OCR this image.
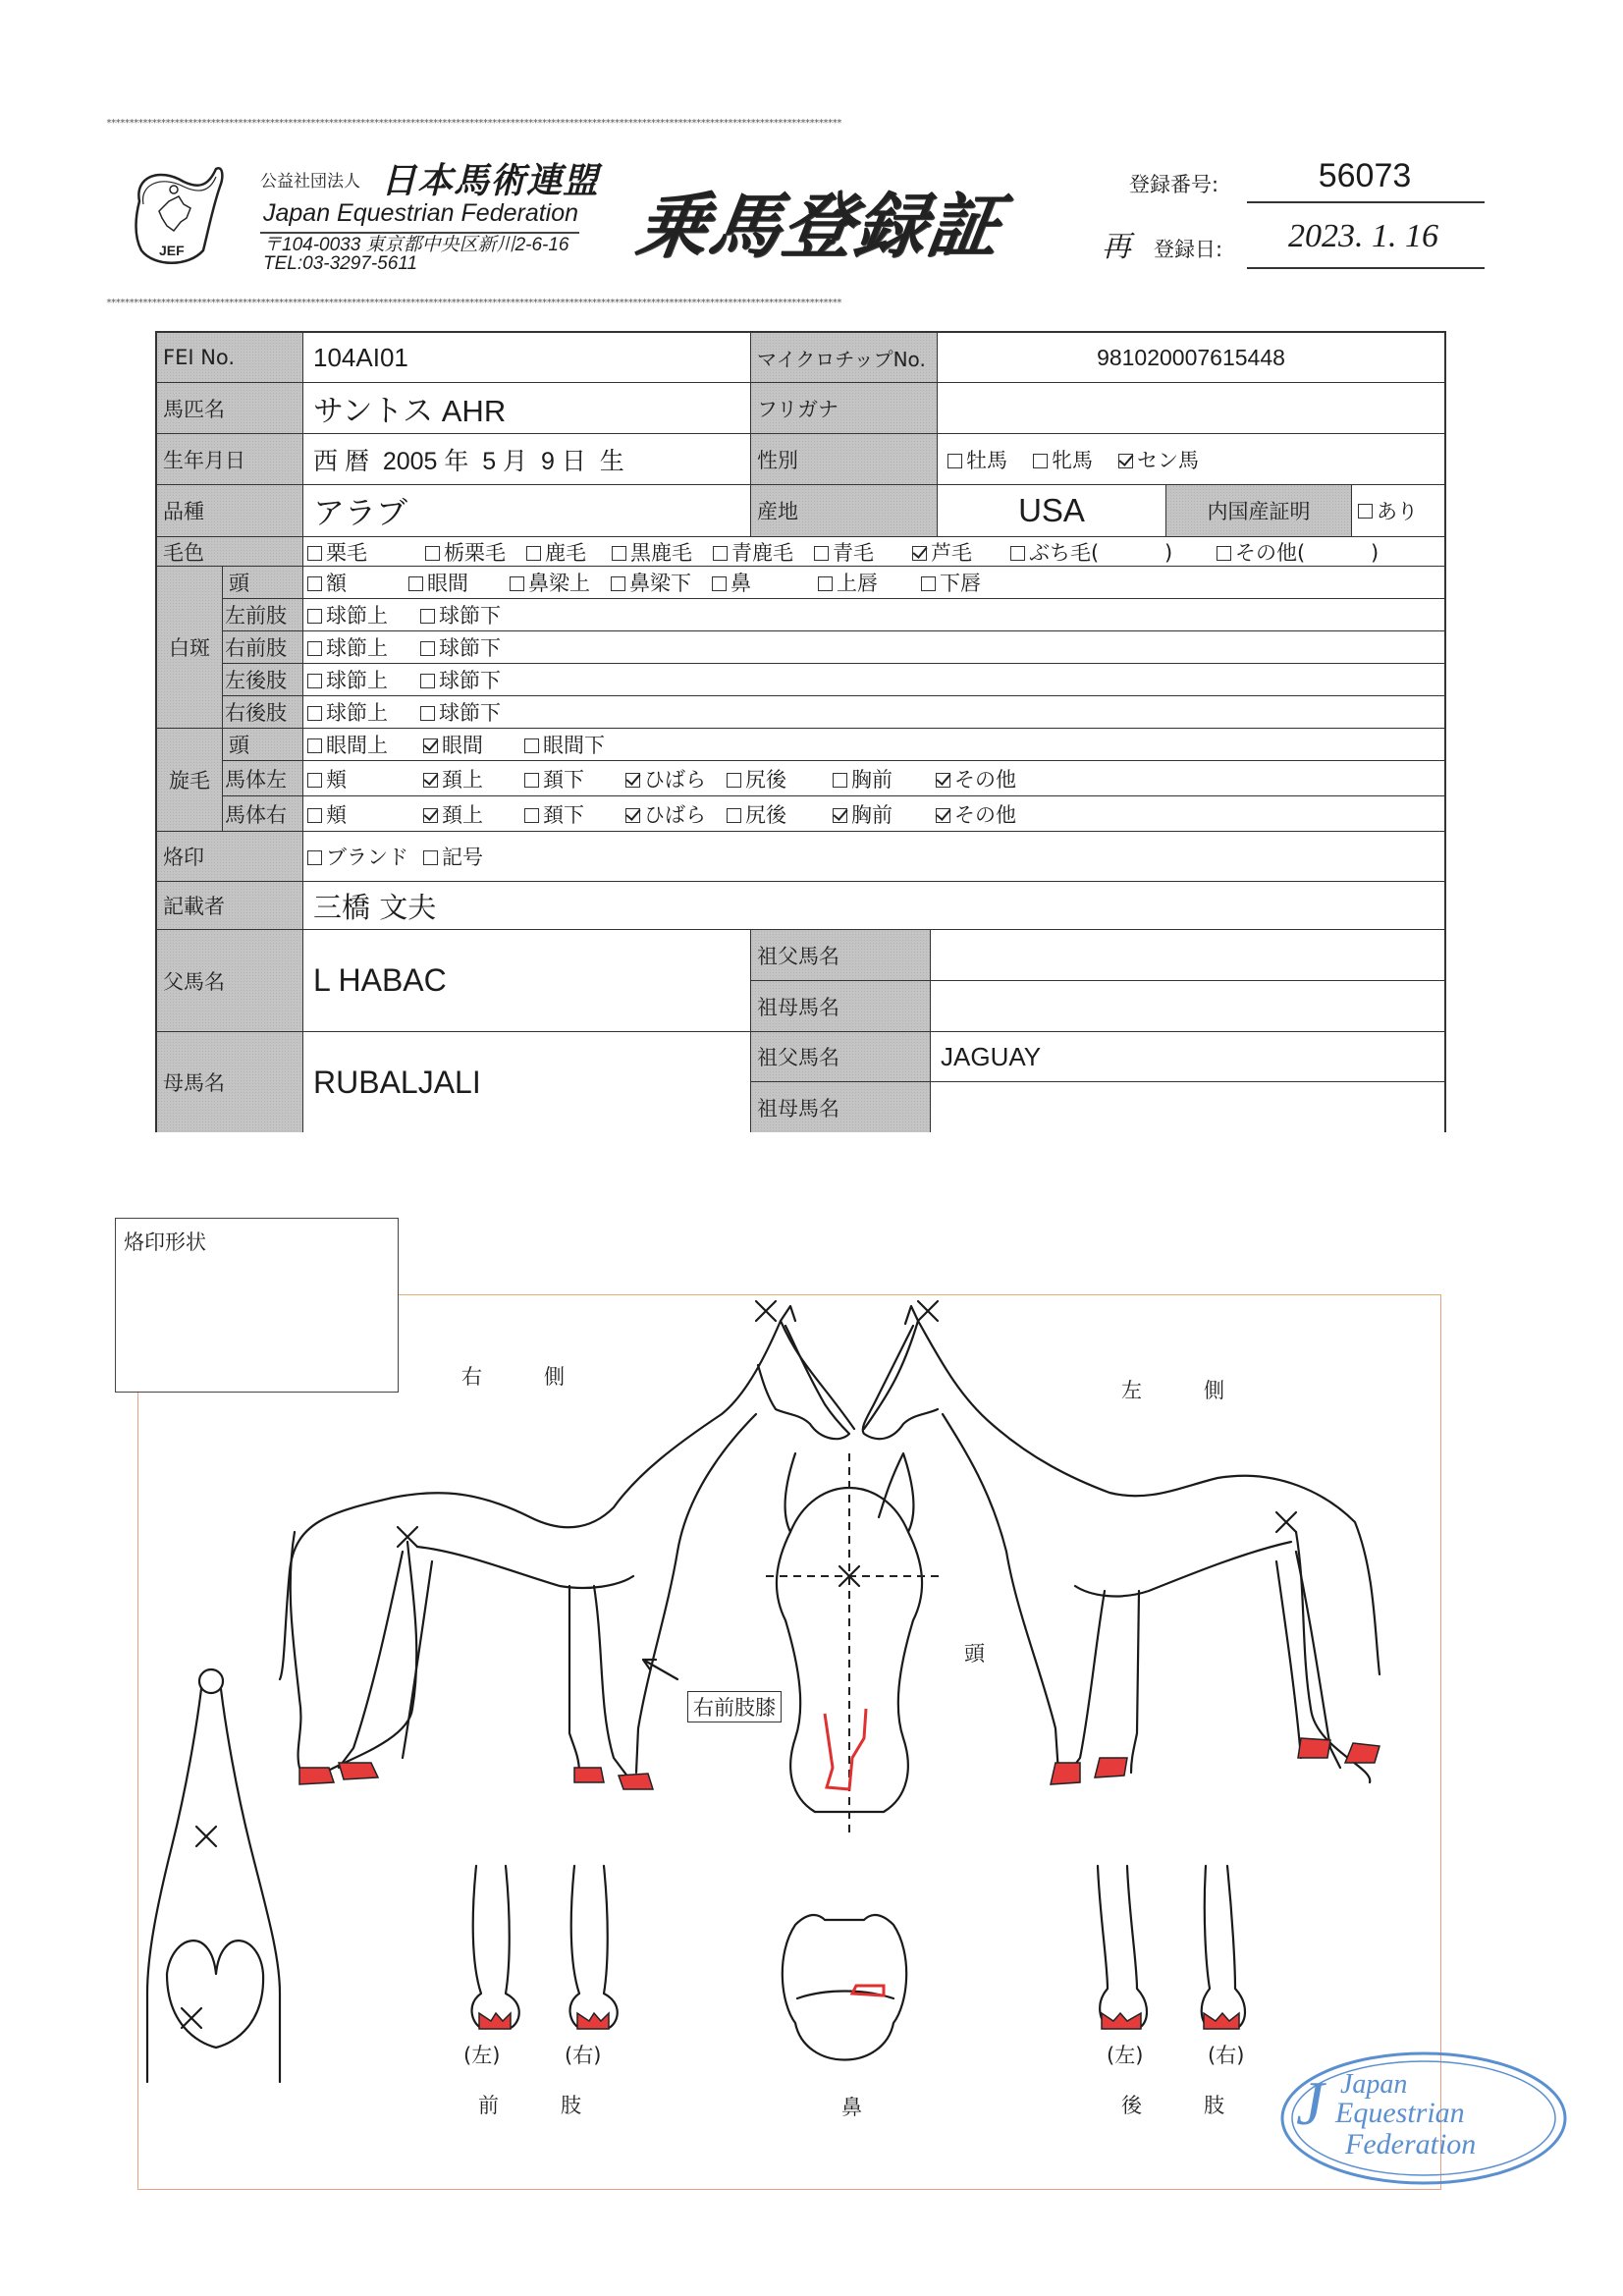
******************************************************************************************************************************************************************
JEF
公益社団法人 日本馬術連盟
Japan Equestrian Federation
〒104-0033 東京都中央区新川2-6-16
TEL:03-3297-5611	乗馬登録証	登録番号:	56073
再 登録日: 2023. 1. 16
******************************************************************************************************************************************************************
FEI No.	104AI01	マイクロチップNo.	981020007615448
馬匹名	サントス AHR	フリガナ
生年月日	西 暦  2005 年  5 月  9 日  生	性別	牡馬	牝馬	セン馬
品種	アラブ	産地	USA	内国産証明	あり
毛色	栗毛	栃栗毛	鹿毛	黒鹿毛	青鹿毛	青毛	芦毛	ぶち毛(          )	その他(          )
白斑
頭	額	眼間	鼻梁上	鼻梁下	鼻	上唇	下唇
左前肢	球節上	球節下
右前肢	球節上	球節下
左後肢	球節上	球節下
右後肢	球節上	球節下
旋毛
頭	眼間上	眼間	眼間下
馬体左	頬	頚上	頚下	ひばら	尻後	胸前	その他
馬体右	頬	頚上	頚下	ひばら	尻後	胸前	その他
烙印	ブランド	記号
記載者	三橋 文夫
父馬名	L HABAC
祖父馬名
祖母馬名
母馬名	RUBALJALI
祖父馬名	JAGUAY
祖母馬名
烙印形状
右　　　側
左　　　側
頭
右前肢膝
鼻
(左)	(右)
前　　　肢
(左)	(右)
後　　　肢 J Japan
Equestrian
Federation
